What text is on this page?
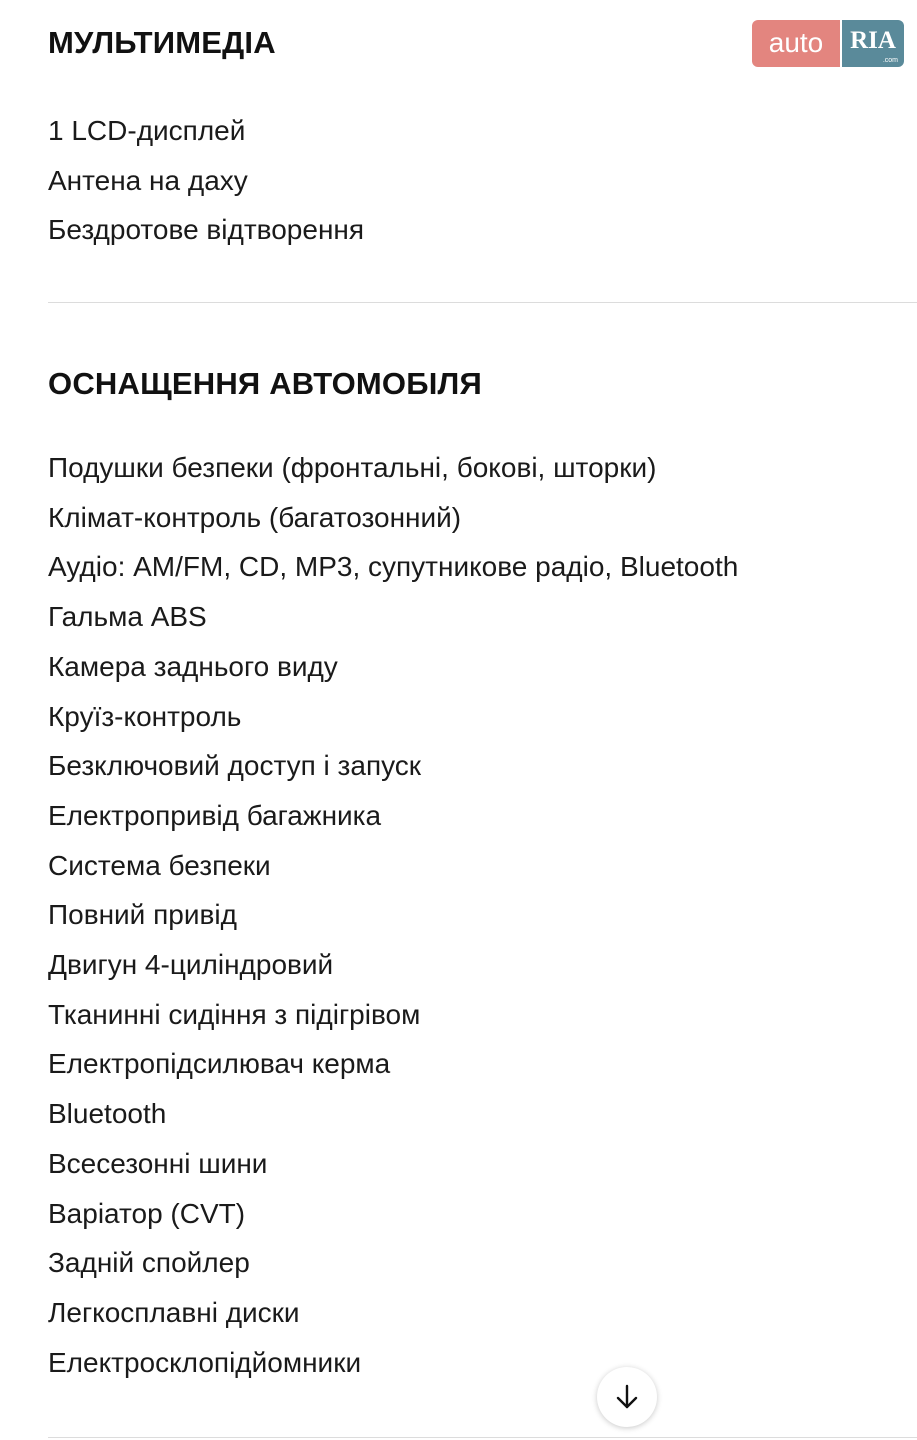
auto	RIA
.com
МУЛЬТИМЕДІА
1 LCD-дисплей
Антена на даху
Бездротове відтворення
ОСНАЩЕННЯ АВТОМОБІЛЯ
Подушки безпеки (фронтальні, бокові, шторки)
Клімат-контроль (багатозонний)
Аудіо: AM/FM, CD, MP3, супутникове радіо, Bluetooth
Гальма ABS
Камера заднього виду
Круїз-контроль
Безключовий доступ і запуск
Електропривід багажника
Система безпеки
Повний привід
Двигун 4-циліндровий
Тканинні сидіння з підігрівом
Електропідсилювач керма
Bluetooth
Всесезонні шини
Варіатор (CVT)
Задній спойлер
Легкосплавні диски
Електросклопідйомники
